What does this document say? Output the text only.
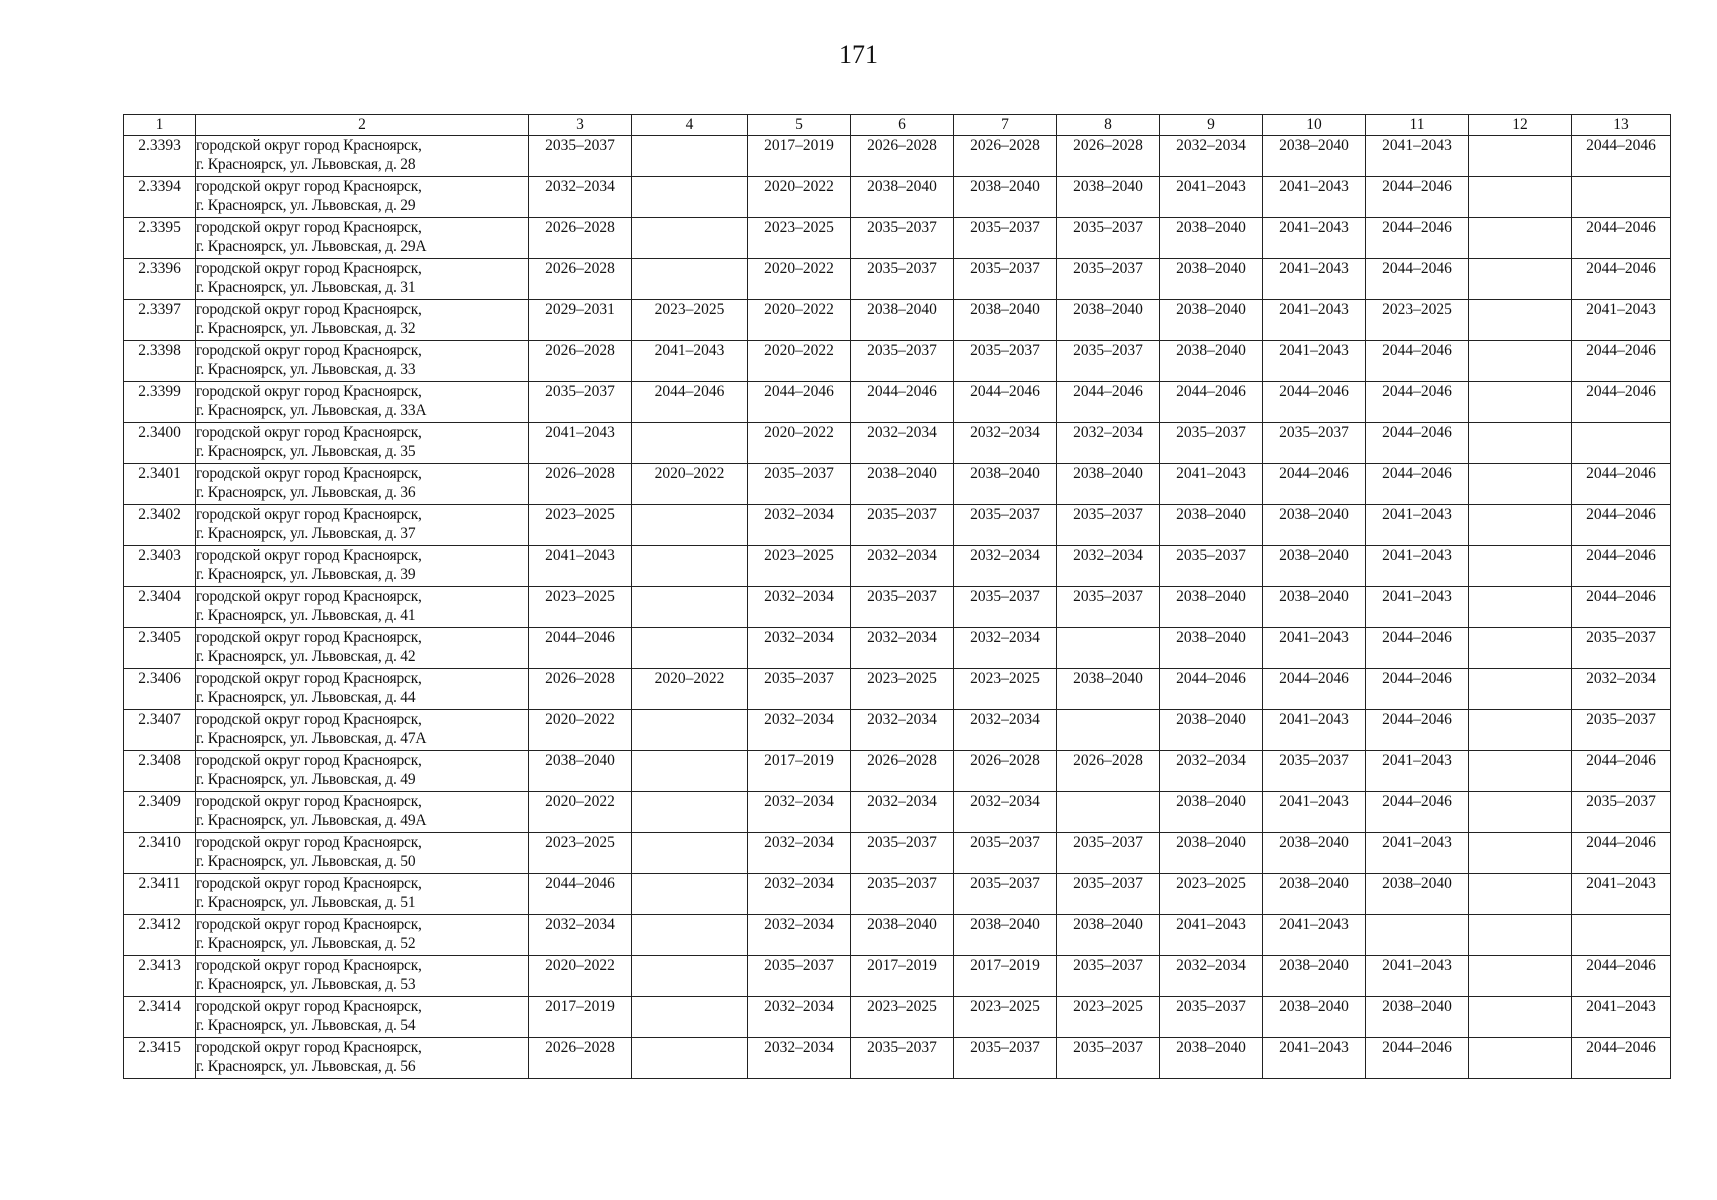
171
1	2	3	4	5	6	7	8	9	10	11	12	13
2.3393	городской округ город Красноярск,
г. Красноярск, ул. Львовская, д. 28	2035–2037		2017–2019	2026–2028	2026–2028	2026–2028	2032–2034	2038–2040	2041–2043		2044–2046
2.3394	городской округ город Красноярск,
г. Красноярск, ул. Львовская, д. 29	2032–2034		2020–2022	2038–2040	2038–2040	2038–2040	2041–2043	2041–2043	2044–2046		
2.3395	городской округ город Красноярск,
г. Красноярск, ул. Львовская, д. 29А	2026–2028		2023–2025	2035–2037	2035–2037	2035–2037	2038–2040	2041–2043	2044–2046		2044–2046
2.3396	городской округ город Красноярск,
г. Красноярск, ул. Львовская, д. 31	2026–2028		2020–2022	2035–2037	2035–2037	2035–2037	2038–2040	2041–2043	2044–2046		2044–2046
2.3397	городской округ город Красноярск,
г. Красноярск, ул. Львовская, д. 32	2029–2031	2023–2025	2020–2022	2038–2040	2038–2040	2038–2040	2038–2040	2041–2043	2023–2025		2041–2043
2.3398	городской округ город Красноярск,
г. Красноярск, ул. Львовская, д. 33	2026–2028	2041–2043	2020–2022	2035–2037	2035–2037	2035–2037	2038–2040	2041–2043	2044–2046		2044–2046
2.3399	городской округ город Красноярск,
г. Красноярск, ул. Львовская, д. 33А	2035–2037	2044–2046	2044–2046	2044–2046	2044–2046	2044–2046	2044–2046	2044–2046	2044–2046		2044–2046
2.3400	городской округ город Красноярск,
г. Красноярск, ул. Львовская, д. 35	2041–2043		2020–2022	2032–2034	2032–2034	2032–2034	2035–2037	2035–2037	2044–2046		
2.3401	городской округ город Красноярск,
г. Красноярск, ул. Львовская, д. 36	2026–2028	2020–2022	2035–2037	2038–2040	2038–2040	2038–2040	2041–2043	2044–2046	2044–2046		2044–2046
2.3402	городской округ город Красноярск,
г. Красноярск, ул. Львовская, д. 37	2023–2025		2032–2034	2035–2037	2035–2037	2035–2037	2038–2040	2038–2040	2041–2043		2044–2046
2.3403	городской округ город Красноярск,
г. Красноярск, ул. Львовская, д. 39	2041–2043		2023–2025	2032–2034	2032–2034	2032–2034	2035–2037	2038–2040	2041–2043		2044–2046
2.3404	городской округ город Красноярск,
г. Красноярск, ул. Львовская, д. 41	2023–2025		2032–2034	2035–2037	2035–2037	2035–2037	2038–2040	2038–2040	2041–2043		2044–2046
2.3405	городской округ город Красноярск,
г. Красноярск, ул. Львовская, д. 42	2044–2046		2032–2034	2032–2034	2032–2034		2038–2040	2041–2043	2044–2046		2035–2037
2.3406	городской округ город Красноярск,
г. Красноярск, ул. Львовская, д. 44	2026–2028	2020–2022	2035–2037	2023–2025	2023–2025	2038–2040	2044–2046	2044–2046	2044–2046		2032–2034
2.3407	городской округ город Красноярск,
г. Красноярск, ул. Львовская, д. 47А	2020–2022		2032–2034	2032–2034	2032–2034		2038–2040	2041–2043	2044–2046		2035–2037
2.3408	городской округ город Красноярск,
г. Красноярск, ул. Львовская, д. 49	2038–2040		2017–2019	2026–2028	2026–2028	2026–2028	2032–2034	2035–2037	2041–2043		2044–2046
2.3409	городской округ город Красноярск,
г. Красноярск, ул. Львовская, д. 49А	2020–2022		2032–2034	2032–2034	2032–2034		2038–2040	2041–2043	2044–2046		2035–2037
2.3410	городской округ город Красноярск,
г. Красноярск, ул. Львовская, д. 50	2023–2025		2032–2034	2035–2037	2035–2037	2035–2037	2038–2040	2038–2040	2041–2043		2044–2046
2.3411	городской округ город Красноярск,
г. Красноярск, ул. Львовская, д. 51	2044–2046		2032–2034	2035–2037	2035–2037	2035–2037	2023–2025	2038–2040	2038–2040		2041–2043
2.3412	городской округ город Красноярск,
г. Красноярск, ул. Львовская, д. 52	2032–2034		2032–2034	2038–2040	2038–2040	2038–2040	2041–2043	2041–2043			
2.3413	городской округ город Красноярск,
г. Красноярск, ул. Львовская, д. 53	2020–2022		2035–2037	2017–2019	2017–2019	2035–2037	2032–2034	2038–2040	2041–2043		2044–2046
2.3414	городской округ город Красноярск,
г. Красноярск, ул. Львовская, д. 54	2017–2019		2032–2034	2023–2025	2023–2025	2023–2025	2035–2037	2038–2040	2038–2040		2041–2043
2.3415	городской округ город Красноярск,
г. Красноярск, ул. Львовская, д. 56	2026–2028		2032–2034	2035–2037	2035–2037	2035–2037	2038–2040	2041–2043	2044–2046		2044–2046
